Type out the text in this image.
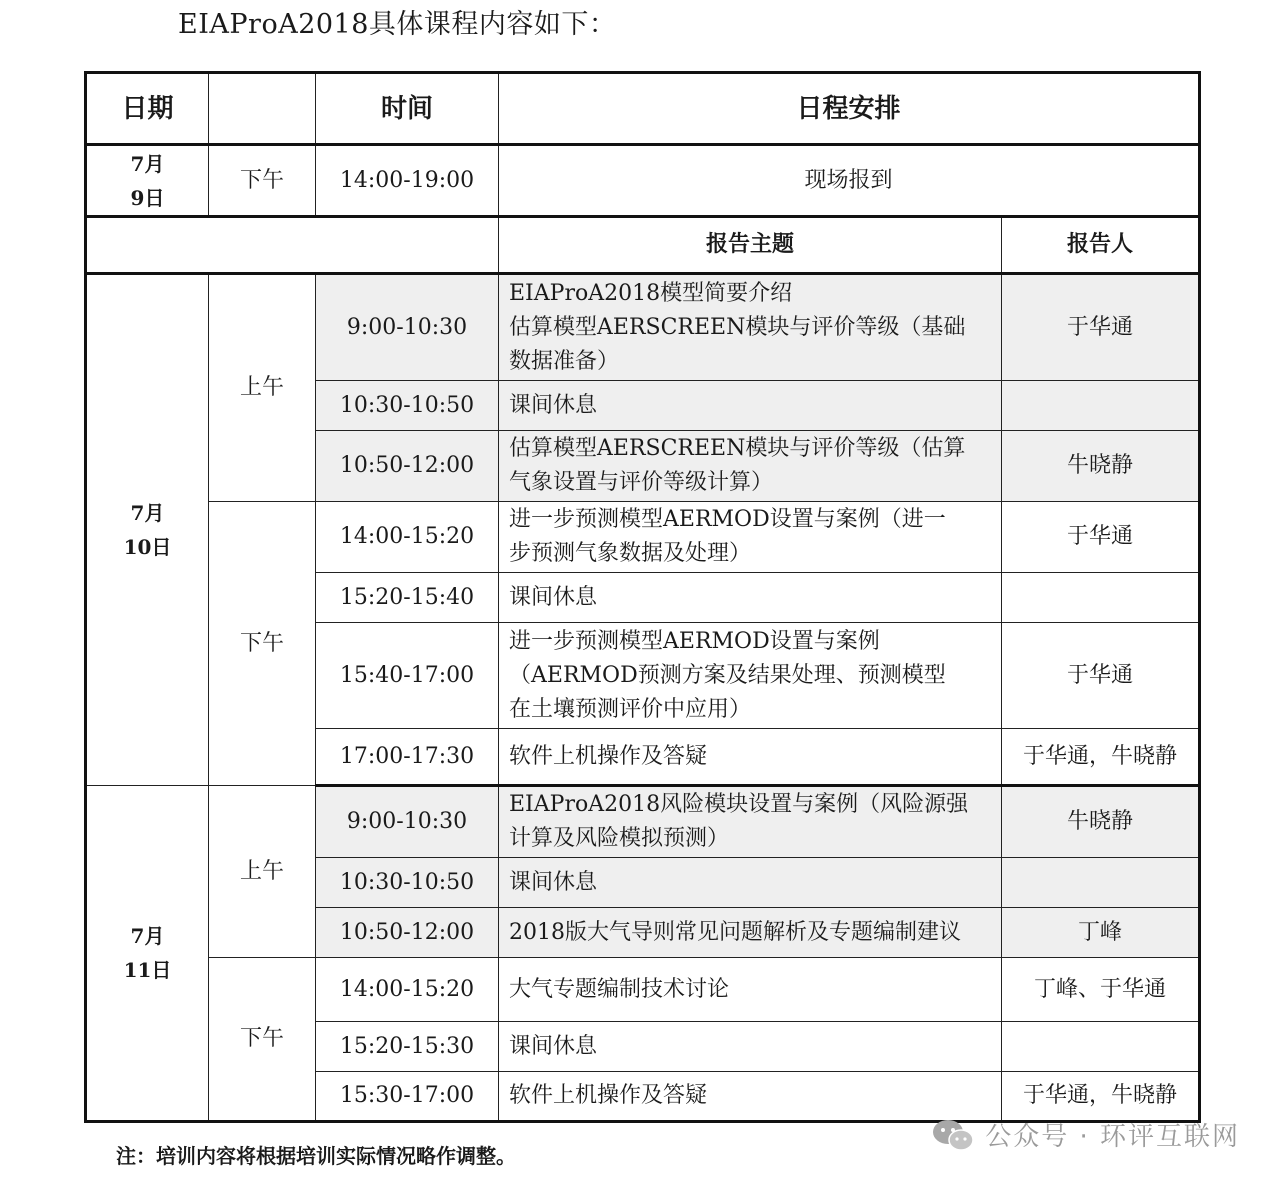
EIAProA2018具体课程内容如下：
日期		时间	日程安排	

7月
9日	下午	14:00-19:00	现场报到	
			报告主题	报告人

7月
10日	上午	9:00-10:30	EIAProA2018模型简要介绍
估算模型AERSCREEN模块与评价等级（基础
数据准备）	于华通
		10:30-10:50	课间休息	

		10:50-12:00	估算模型AERSCREEN模块与评价等级（估算
气象设置与评价等级计算）	牛晓静
	下午	14:00-15:20	进一步预测模型AERMOD设置与案例（进一
步预测气象数据及处理）	于华通
		15:20-15:40	课间休息	

		15:40-17:00	进一步预测模型AERMOD设置与案例
（AERMOD预测方案及结果处理、预测模型
在土壤预测评价中应用）	于华通
		17:00-17:30	软件上机操作及答疑	于华通，牛晓静

7月
11日	上午	9:00-10:30	EIAProA2018风险模块设置与案例（风险源强
计算及风险模拟预测）	牛晓静
		10:30-10:50	课间休息	

		10:50-12:00	2018版大气导则常见问题解析及专题编制建议	丁峰
	下午	14:00-15:20	大气专题编制技术讨论	丁峰、于华通
		15:20-15:30	课间休息	

		15:30-17:00	软件上机操作及答疑	于华通，牛晓静
注：培训内容将根据培训实际情况略作调整。
公众号 · 环评互联网
